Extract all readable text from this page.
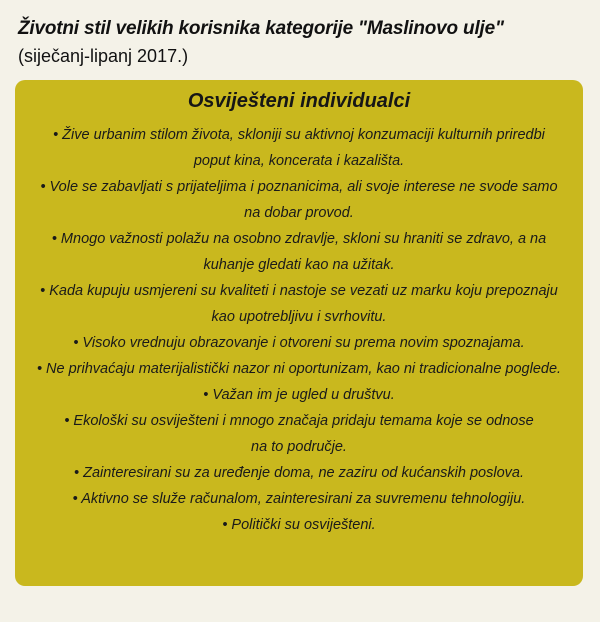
Životni stil velikih korisnika kategorije "Maslinovo ulje"
(siječanj-lipanj 2017.)
Osviješteni individualci
• Žive urbanim stilom života, skloniji su aktivnoj konzumaciji kulturnih priredbi
poput kina, koncerata i kazališta.
• Vole se zabavljati s prijateljima i poznanicima, ali svoje interese ne svode samo
na dobar provod.
• Mnogo važnosti polažu na osobno zdravlje, skloni su hraniti se zdravo, a na
kuhanje gledati kao na užitak.
• Kada kupuju usmjereni su kvaliteti i nastoje se vezati uz marku koju prepoznaju
kao upotrebljivu i svrhovitu.
• Visoko vrednuju obrazovanje i otvoreni su prema novim spoznajama.
• Ne prihvaćaju materijalistički nazor ni oportunizam, kao ni tradicionalne poglede.
• Važan im je ugled u društvu.
• Ekološki su osviješteni i mnogo značaja pridaju temama koje se odnose
na to područje.
• Zainteresirani su za uređenje doma, ne zaziru od kućanskih poslova.
• Aktivno se služe računalom, zainteresirani za suvremenu tehnologiju.
• Politički su osviješteni.
